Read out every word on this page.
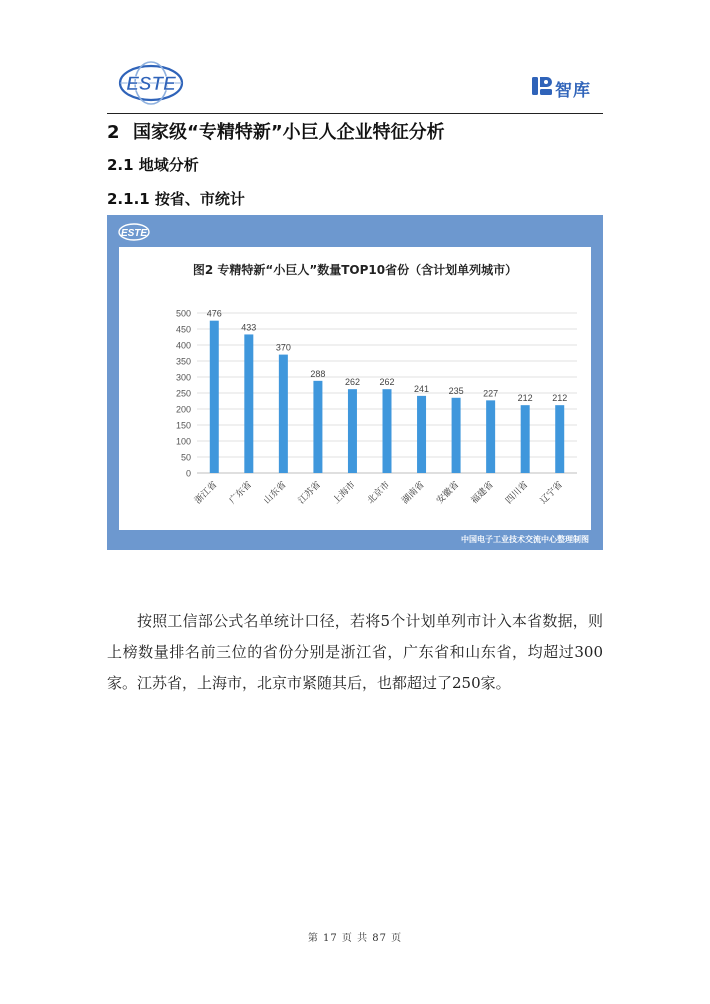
ESTE	智库
2 国家级“专精特新”小巨人企业特征分析
2.1 地域分析
2.1.1 按省、市统计
ESTE
图2 专精特新“小巨人”数量TOP10省份（含计划单列城市）
0
50
100
150
200
250
300
350
400
450
500 476
浙江省
433
广东省
370
山东省
288
江苏省
262
上海市
262
北京市
241
湖南省
235
安徽省
227
福建省
212
四川省
212
辽宁省
中国电子工业技术交流中心整理制图
按照工信部公式名单统计口径，若将5个计划单列市计入本省数据，则上榜数量排名前三位的省份分别是浙江省，广东省和山东省，均超过300家。江苏省，上海市，北京市紧随其后，也都超过了250家。
第 17 页 共 87 页
